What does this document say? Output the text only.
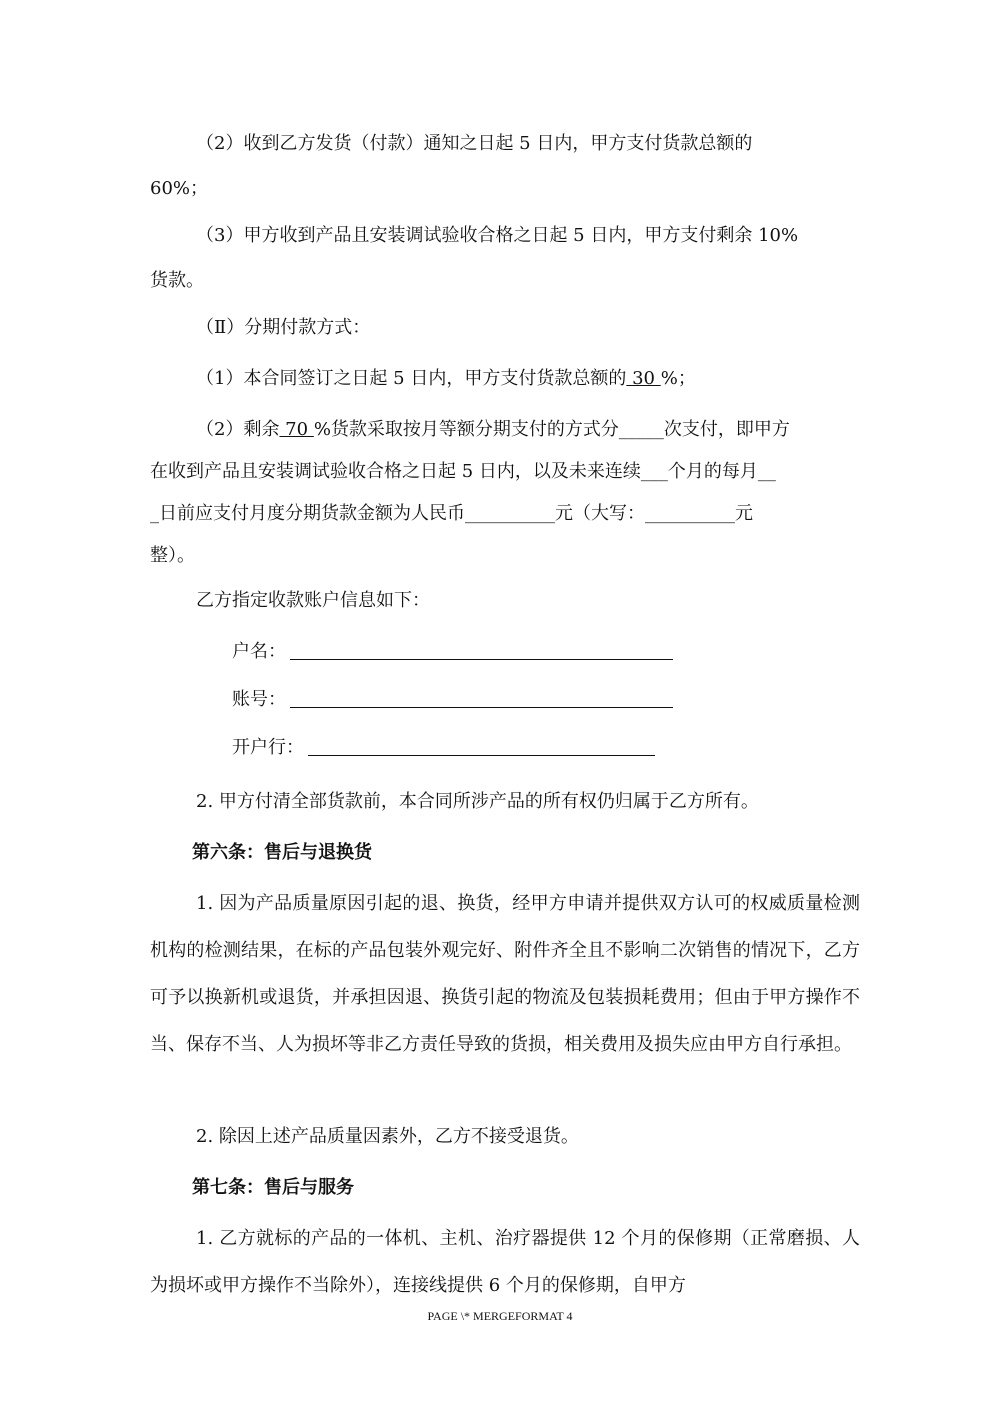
（2）收到乙方发货（付款）通知之日起 5 日内，甲方支付货款总额的

60%；

（3）甲方收到产品且安装调试验收合格之日起 5 日内，甲方支付剩余 10%

货款。

（Ⅱ）分期付款方式：

（1）本合同签订之日起 5 日内，甲方支付货款总额的 30 %；

（2）剩余 70 %货款采取按月等额分期支付的方式分_____次支付，即甲方

在收到产品且安装调试验收合格之日起 5 日内，以及未来连续___个月的每月__

_日前应支付月度分期货款金额为人民币__________元（大写：__________元

整）。

乙方指定收款账户信息如下：

户名：

账号：

开户行：

2. 甲方付清全部货款前，本合同所涉产品的所有权仍归属于乙方所有。

第六条：售后与退换货

1. 因为产品质量原因引起的退、换货，经甲方申请并提供双方认可的权威质量检测机构的检测结果，在标的产品包装外观完好、附件齐全且不影响二次销售的情况下，乙方可予以换新机或退货，并承担因退、换货引起的物流及包装损耗费用；但由于甲方操作不当、保存不当、人为损坏等非乙方责任导致的货损，相关费用及损失应由甲方自行承担。

2. 除因上述产品质量因素外，乙方不接受退货。

第七条：售后与服务

1. 乙方就标的产品的一体机、主机、治疗器提供 12 个月的保修期（正常磨损、人为损坏或甲方操作不当除外），连接线提供 6 个月的保修期，自甲方

PAGE \* MERGEFORMAT 4
